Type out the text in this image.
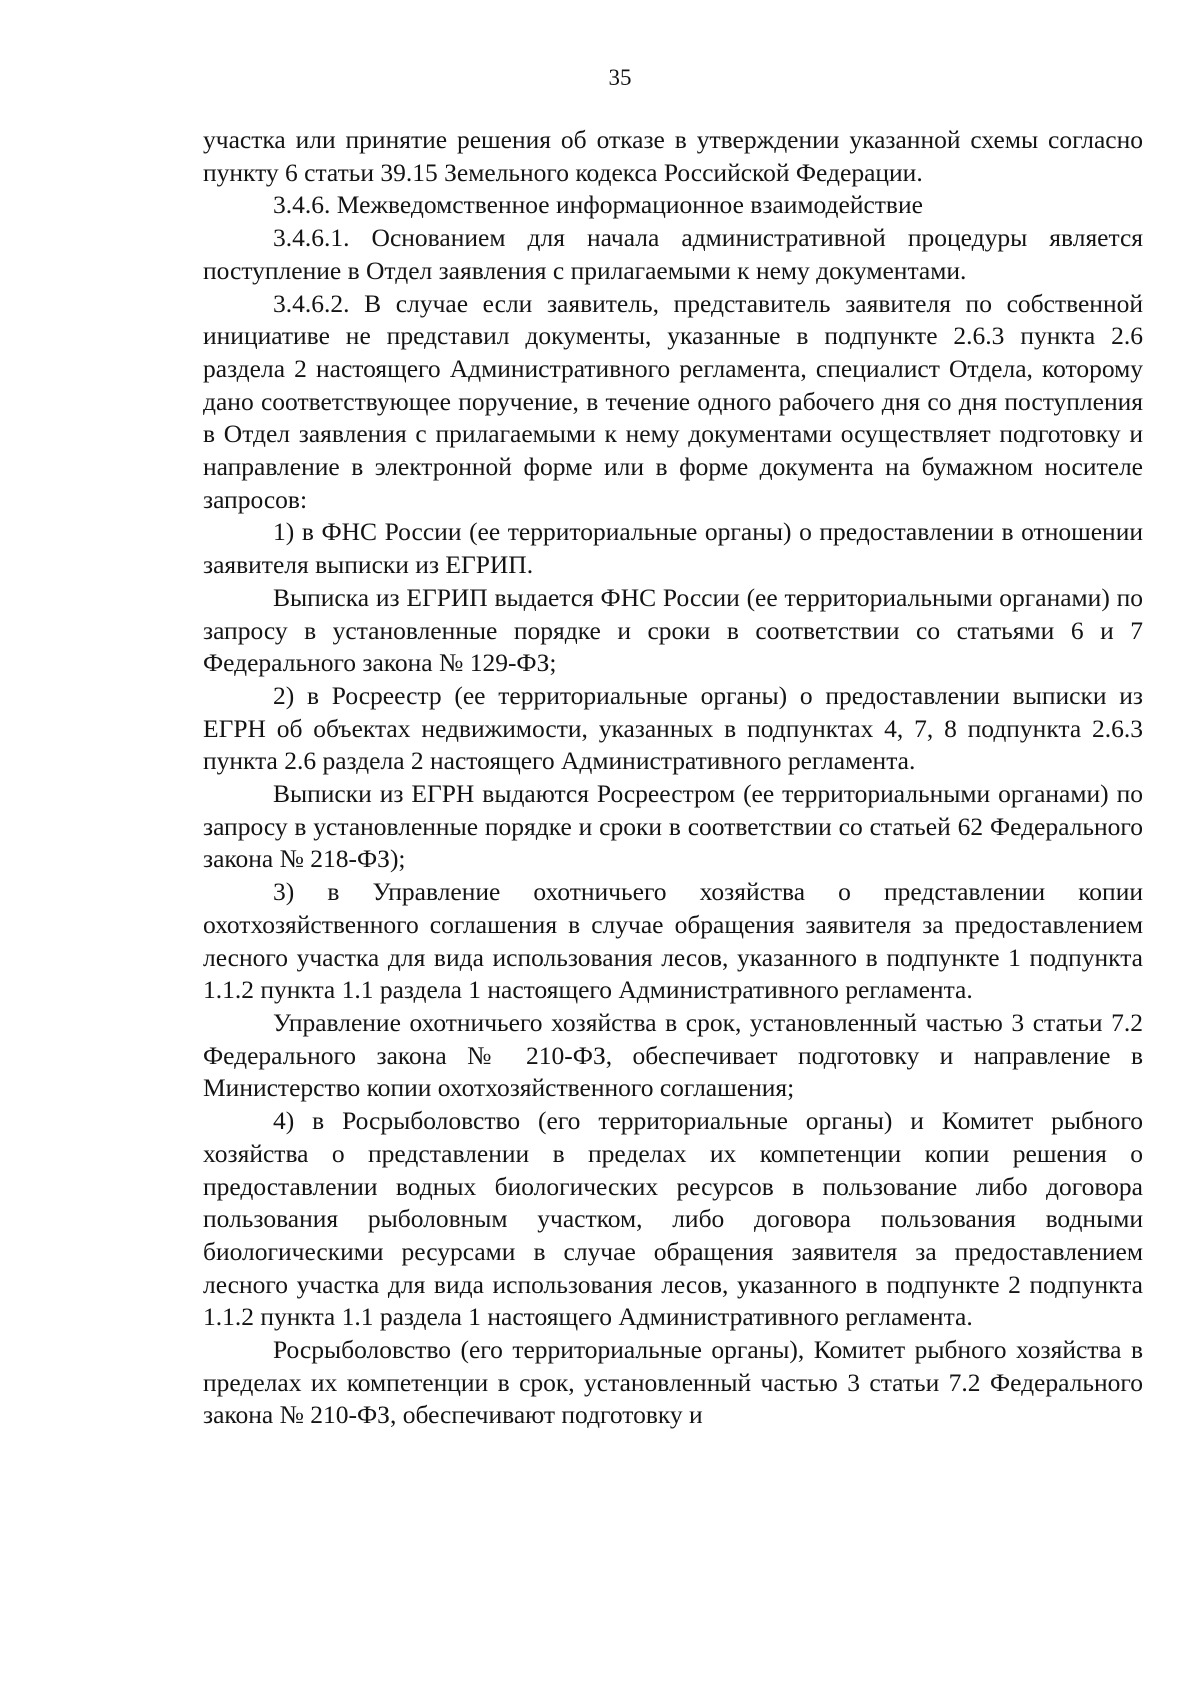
35

участка или принятие решения об отказе в утверждении указанной схемы согласно пункту 6 статьи 39.15 Земельного кодекса Российской Федерации.

3.4.6. Межведомственное информационное взаимодействие

3.4.6.1. Основанием для начала административной процедуры является поступление в Отдел заявления с прилагаемыми к нему документами.

3.4.6.2. В случае если заявитель, представитель заявителя по собственной инициативе не представил документы, указанные в подпункте 2.6.3 пункта 2.6 раздела 2 настоящего Административного регламента, специалист Отдела, которому дано соответствующее поручение, в течение одного рабочего дня со дня поступления в Отдел заявления с прилагаемыми к нему документами осуществляет подготовку и направление в электронной форме или в форме документа на бумажном носителе запросов:

1) в ФНС России (ее территориальные органы) о предоставлении в отношении заявителя выписки из ЕГРИП.

Выписка из ЕГРИП выдается ФНС России (ее территориальными органами) по запросу в установленные порядке и сроки в соответствии со статьями 6 и 7 Федерального закона № 129-ФЗ;

2) в Росреестр (ее территориальные органы) о предоставлении выписки из ЕГРН об объектах недвижимости, указанных в подпунктах 4, 7, 8 подпункта 2.6.3 пункта 2.6 раздела 2 настоящего Административного регламента.

Выписки из ЕГРН выдаются Росреестром (ее территориальными органами) по запросу в установленные порядке и сроки в соответствии со статьей 62 Федерального закона № 218-ФЗ);

3) в Управление охотничьего хозяйства о представлении копии охотхозяйственного соглашения в случае обращения заявителя за предоставлением лесного участка для вида использования лесов, указанного в подпункте 1 подпункта 1.1.2 пункта 1.1 раздела 1 настоящего Административного регламента.

Управление охотничьего хозяйства в срок, установленный частью 3 статьи 7.2 Федерального закона № 210-ФЗ, обеспечивает подготовку и направление в Министерство копии охотхозяйственного соглашения;

4) в Росрыболовство (его территориальные органы) и Комитет рыбного хозяйства о представлении в пределах их компетенции копии решения о предоставлении водных биологических ресурсов в пользование либо договора пользования рыболовным участком, либо договора пользования водными биологическими ресурсами в случае обращения заявителя за предоставлением лесного участка для вида использования лесов, указанного в подпункте 2 подпункта 1.1.2 пункта 1.1 раздела 1 настоящего Административного регламента.

Росрыболовство (его территориальные органы), Комитет рыбного хозяйства в пределах их компетенции в срок, установленный частью 3 статьи 7.2 Федерального закона № 210-ФЗ, обеспечивают подготовку и
